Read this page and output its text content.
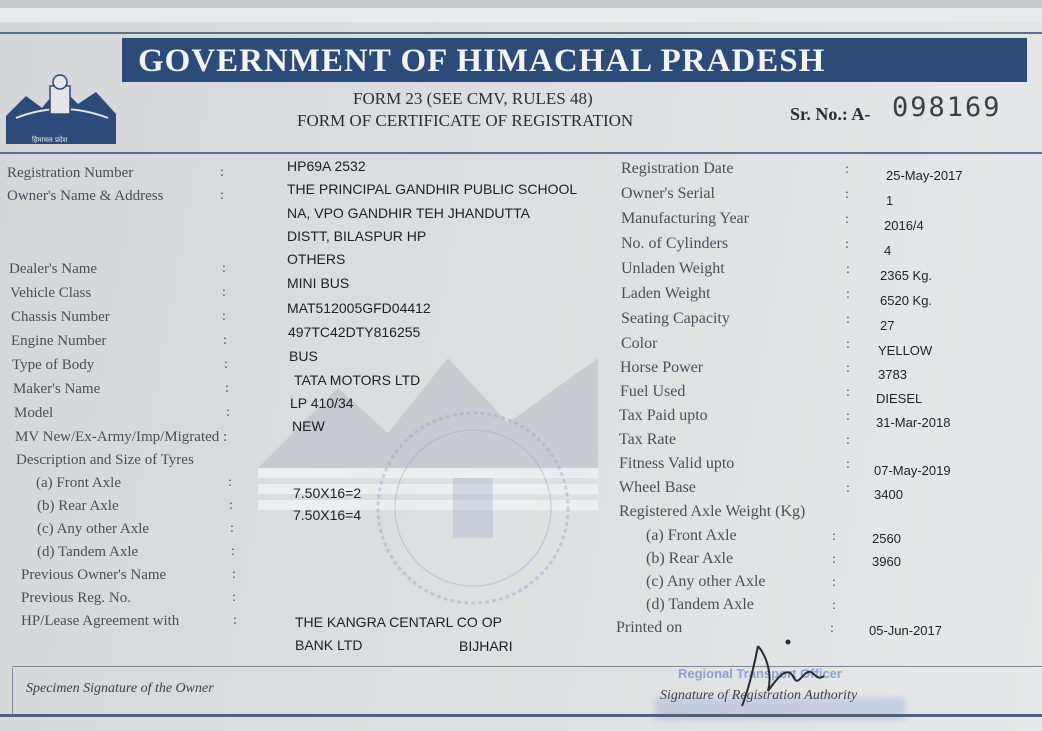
हिमाचल प्रदेश
GOVERNMENT OF HIMACHAL PRADESH
FORM 23 (SEE CMV, RULES 48)
FORM OF CERTIFICATE OF REGISTRATION	Sr. No.: A- 098169
Registration Number	:	HP69A 2532
Owner's Name & Address	:	THE PRINCIPAL GANDHIR PUBLIC SCHOOL
NA, VPO GANDHIR TEH JHANDUTTA
DISTT, BILASPUR HP
Dealer's Name	:
OTHERS
Vehicle Class	:
MINI BUS
Chassis Number	:
MAT512005GFD04412
Engine Number	:
497TC42DTY816255
Type of Body	:
BUS
Maker's Name	:
TATA MOTORS LTD
Model	:
LP 410/34
MV New/Ex-Army/Imp/Migrated :
NEW
Description and Size of Tyres
(a) Front Axle	:
7.50X16=2
(b) Rear Axle	:
7.50X16=4
(c) Any other Axle	:
(d) Tandem Axle	:
Previous Owner's Name	:
Previous Reg. No.	:
HP/Lease Agreement with	:	THE KANGRA CENTARL CO OP
BANK LTD	BIJHARI
Registration Date	:	25-May-2017
Owner's Serial	:	1
Manufacturing Year	:	2016/4
No. of Cylinders	:	4
Unladen Weight	: 2365 Kg.
Laden Weight	: 6520 Kg.
Seating Capacity	: 27
Color	: YELLOW
Horse Power	: 3783
Fuel Used	: DIESEL
Tax Paid upto	: 31-Mar-2018
Tax Rate	:
Fitness Valid upto	: 07-May-2019
Wheel Base	: 3400
Registered Axle Weight (Kg)
(a) Front Axle	:	2560
(b) Rear Axle	:	3960
(c) Any other Axle	:
(d) Tandem Axle	:
Printed on	:	05-Jun-2017
Specimen Signature of the Owner
Regional Transport Officer
Signature of Registration Authority
